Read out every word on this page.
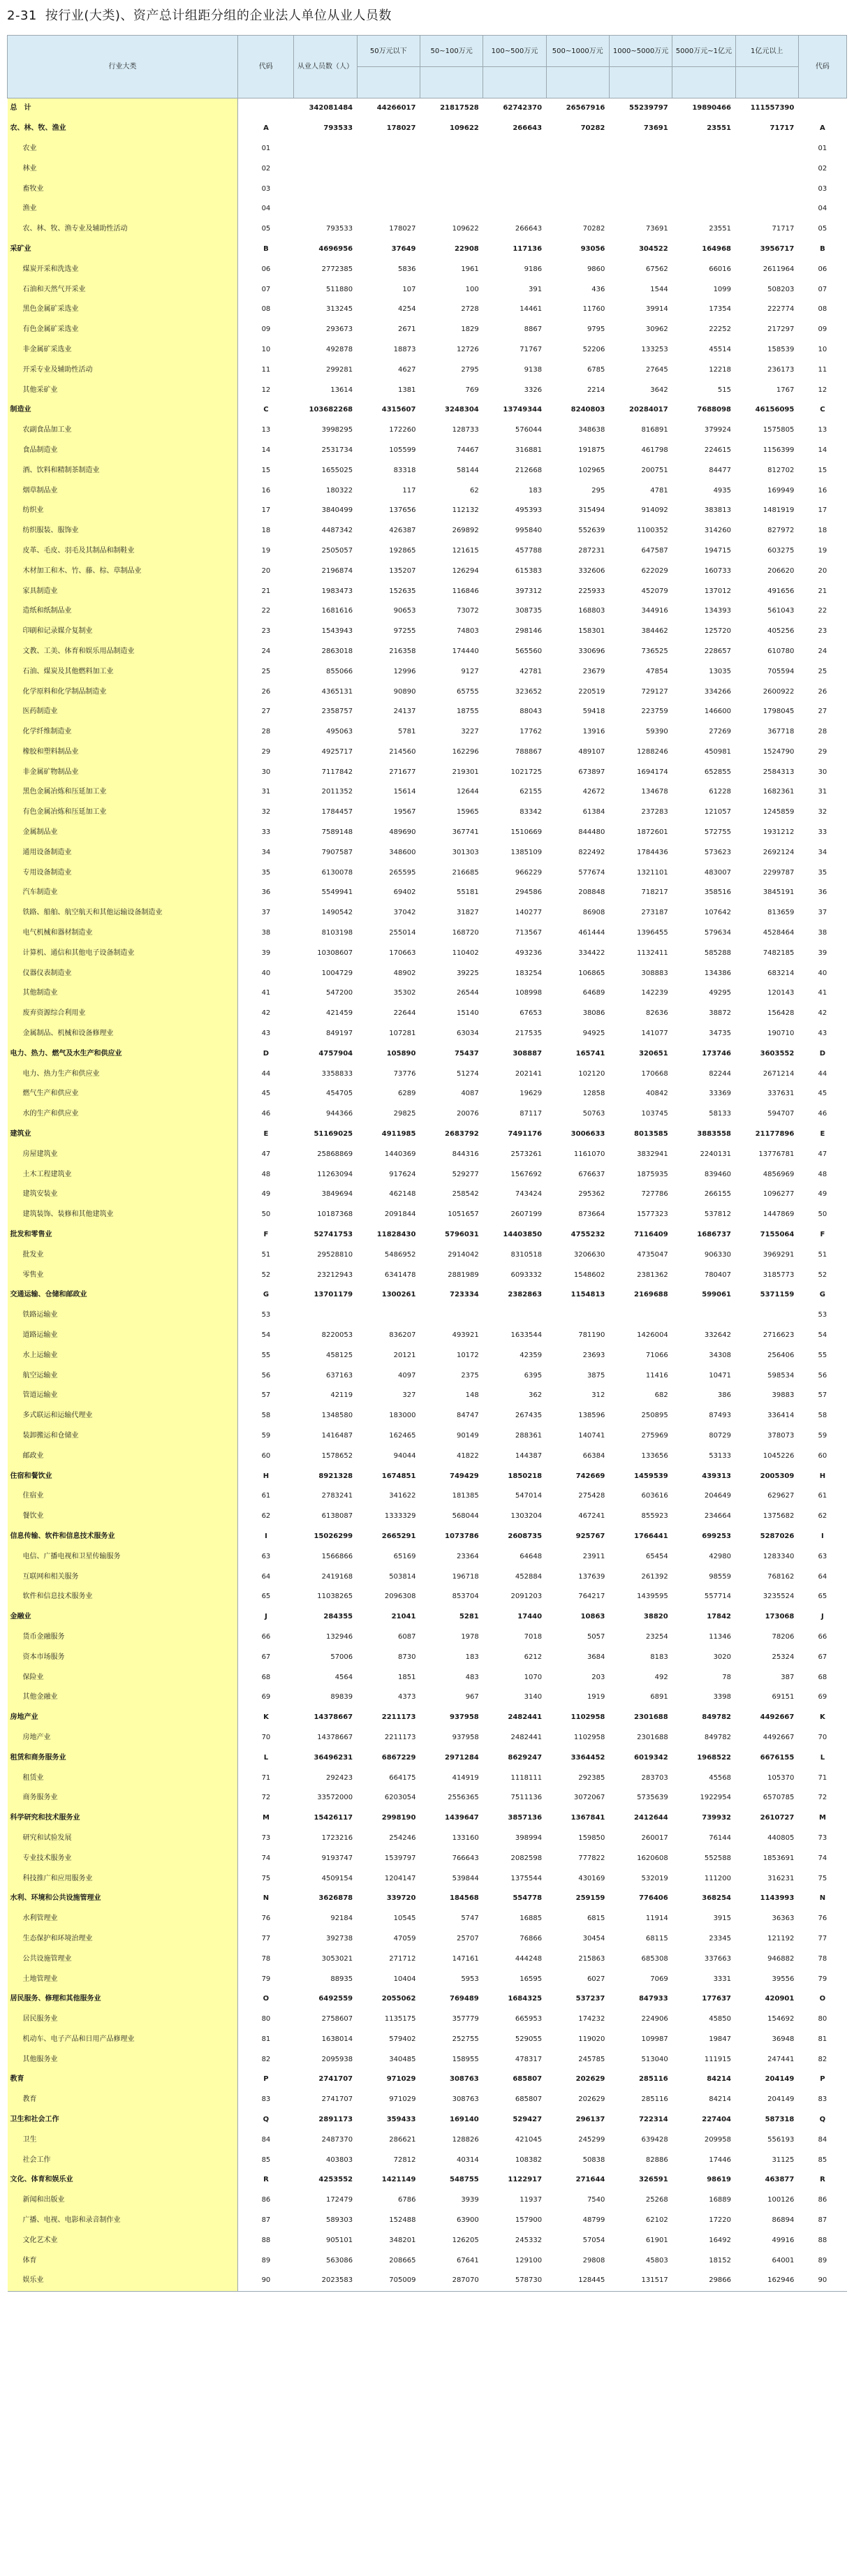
2-31 按行业(大类)、资产总计组距分组的企业法人单位从业人员数
行业大类	代码	从业人员数（人）	50万元以下	50~100万元	100~500万元	500~1000万元	1000~5000万元	5000万元~1亿元	1亿元以上	代码

总　计		342081484	44266017	21817528	62742370	26567916	55239797	19890466	111557390	
农、林、牧、渔业	A	793533	178027	109622	266643	70282	73691	23551	71717	A
农业	01									01
林业	02									02
畜牧业	03									03
渔业	04									04
农、林、牧、渔专业及辅助性活动	05	793533	178027	109622	266643	70282	73691	23551	71717	05
采矿业	B	4696956	37649	22908	117136	93056	304522	164968	3956717	B
煤炭开采和洗选业	06	2772385	5836	1961	9186	9860	67562	66016	2611964	06
石油和天然气开采业	07	511880	107	100	391	436	1544	1099	508203	07
黑色金属矿采选业	08	313245	4254	2728	14461	11760	39914	17354	222774	08
有色金属矿采选业	09	293673	2671	1829	8867	9795	30962	22252	217297	09
非金属矿采选业	10	492878	18873	12726	71767	52206	133253	45514	158539	10
开采专业及辅助性活动	11	299281	4627	2795	9138	6785	27645	12218	236173	11
其他采矿业	12	13614	1381	769	3326	2214	3642	515	1767	12
制造业	C	103682268	4315607	3248304	13749344	8240803	20284017	7688098	46156095	C
农副食品加工业	13	3998295	172260	128733	576044	348638	816891	379924	1575805	13
食品制造业	14	2531734	105599	74467	316881	191875	461798	224615	1156399	14
酒、饮料和精制茶制造业	15	1655025	83318	58144	212668	102965	200751	84477	812702	15
烟草制品业	16	180322	117	62	183	295	4781	4935	169949	16
纺织业	17	3840499	137656	112132	495393	315494	914092	383813	1481919	17
纺织服装、服饰业	18	4487342	426387	269892	995840	552639	1100352	314260	827972	18
皮革、毛皮、羽毛及其制品和制鞋业	19	2505057	192865	121615	457788	287231	647587	194715	603275	19
木材加工和木、竹、藤、棕、草制品业	20	2196874	135207	126294	615383	332606	622029	160733	206620	20
家具制造业	21	1983473	152635	116846	397312	225933	452079	137012	491656	21
造纸和纸制品业	22	1681616	90653	73072	308735	168803	344916	134393	561043	22
印刷和记录媒介复制业	23	1543943	97255	74803	298146	158301	384462	125720	405256	23
文教、工美、体育和娱乐用品制造业	24	2863018	216358	174440	565560	330696	736525	228657	610780	24
石油、煤炭及其他燃料加工业	25	855066	12996	9127	42781	23679	47854	13035	705594	25
化学原料和化学制品制造业	26	4365131	90890	65755	323652	220519	729127	334266	2600922	26
医药制造业	27	2358757	24137	18755	88043	59418	223759	146600	1798045	27
化学纤维制造业	28	495063	5781	3227	17762	13916	59390	27269	367718	28
橡胶和塑料制品业	29	4925717	214560	162296	788867	489107	1288246	450981	1524790	29
非金属矿物制品业	30	7117842	271677	219301	1021725	673897	1694174	652855	2584313	30
黑色金属冶炼和压延加工业	31	2011352	15614	12644	62155	42672	134678	61228	1682361	31
有色金属冶炼和压延加工业	32	1784457	19567	15965	83342	61384	237283	121057	1245859	32
金属制品业	33	7589148	489690	367741	1510669	844480	1872601	572755	1931212	33
通用设备制造业	34	7907587	348600	301303	1385109	822492	1784436	573623	2692124	34
专用设备制造业	35	6130078	265595	216685	966229	577674	1321101	483007	2299787	35
汽车制造业	36	5549941	69402	55181	294586	208848	718217	358516	3845191	36
铁路、船舶、航空航天和其他运输设备制造业	37	1490542	37042	31827	140277	86908	273187	107642	813659	37
电气机械和器材制造业	38	8103198	255014	168720	713567	461444	1396455	579634	4528464	38
计算机、通信和其他电子设备制造业	39	10308607	170663	110402	493236	334422	1132411	585288	7482185	39
仪器仪表制造业	40	1004729	48902	39225	183254	106865	308883	134386	683214	40
其他制造业	41	547200	35302	26544	108998	64689	142239	49295	120143	41
废弃资源综合利用业	42	421459	22644	15140	67653	38086	82636	38872	156428	42
金属制品、机械和设备修理业	43	849197	107281	63034	217535	94925	141077	34735	190710	43
电力、热力、燃气及水生产和供应业	D	4757904	105890	75437	308887	165741	320651	173746	3603552	D
电力、热力生产和供应业	44	3358833	73776	51274	202141	102120	170668	82244	2671214	44
燃气生产和供应业	45	454705	6289	4087	19629	12858	40842	33369	337631	45
水的生产和供应业	46	944366	29825	20076	87117	50763	103745	58133	594707	46
建筑业	E	51169025	4911985	2683792	7491176	3006633	8013585	3883558	21177896	E
房屋建筑业	47	25868869	1440369	844316	2573261	1161070	3832941	2240131	13776781	47
土木工程建筑业	48	11263094	917624	529277	1567692	676637	1875935	839460	4856969	48
建筑安装业	49	3849694	462148	258542	743424	295362	727786	266155	1096277	49
建筑装饰、装修和其他建筑业	50	10187368	2091844	1051657	2607199	873664	1577323	537812	1447869	50
批发和零售业	F	52741753	11828430	5796031	14403850	4755232	7116409	1686737	7155064	F
批发业	51	29528810	5486952	2914042	8310518	3206630	4735047	906330	3969291	51
零售业	52	23212943	6341478	2881989	6093332	1548602	2381362	780407	3185773	52
交通运输、仓储和邮政业	G	13701179	1300261	723334	2382863	1154813	2169688	599061	5371159	G
铁路运输业	53									53
道路运输业	54	8220053	836207	493921	1633544	781190	1426004	332642	2716623	54
水上运输业	55	458125	20121	10172	42359	23693	71066	34308	256406	55
航空运输业	56	637163	4097	2375	6395	3875	11416	10471	598534	56
管道运输业	57	42119	327	148	362	312	682	386	39883	57
多式联运和运输代理业	58	1348580	183000	84747	267435	138596	250895	87493	336414	58
装卸搬运和仓储业	59	1416487	162465	90149	288361	140741	275969	80729	378073	59
邮政业	60	1578652	94044	41822	144387	66384	133656	53133	1045226	60
住宿和餐饮业	H	8921328	1674851	749429	1850218	742669	1459539	439313	2005309	H
住宿业	61	2783241	341622	181385	547014	275428	603616	204649	629627	61
餐饮业	62	6138087	1333329	568044	1303204	467241	855923	234664	1375682	62
信息传输、软件和信息技术服务业	I	15026299	2665291	1073786	2608735	925767	1766441	699253	5287026	I
电信、广播电视和卫星传输服务	63	1566866	65169	23364	64648	23911	65454	42980	1283340	63
互联网和相关服务	64	2419168	503814	196718	452884	137639	261392	98559	768162	64
软件和信息技术服务业	65	11038265	2096308	853704	2091203	764217	1439595	557714	3235524	65
金融业	J	284355	21041	5281	17440	10863	38820	17842	173068	J
货币金融服务	66	132946	6087	1978	7018	5057	23254	11346	78206	66
资本市场服务	67	57006	8730	183	6212	3684	8183	3020	25324	67
保险业	68	4564	1851	483	1070	203	492	78	387	68
其他金融业	69	89839	4373	967	3140	1919	6891	3398	69151	69
房地产业	K	14378667	2211173	937958	2482441	1102958	2301688	849782	4492667	K
房地产业	70	14378667	2211173	937958	2482441	1102958	2301688	849782	4492667	70
租赁和商务服务业	L	36496231	6867229	2971284	8629247	3364452	6019342	1968522	6676155	L
租赁业	71	292423	664175	414919	1118111	292385	283703	45568	105370	71
商务服务业	72	33572000	6203054	2556365	7511136	3072067	5735639	1922954	6570785	72
科学研究和技术服务业	M	15426117	2998190	1439647	3857136	1367841	2412644	739932	2610727	M
研究和试验发展	73	1723216	254246	133160	398994	159850	260017	76144	440805	73
专业技术服务业	74	9193747	1539797	766643	2082598	777822	1620608	552588	1853691	74
科技推广和应用服务业	75	4509154	1204147	539844	1375544	430169	532019	111200	316231	75
水利、环境和公共设施管理业	N	3626878	339720	184568	554778	259159	776406	368254	1143993	N
水利管理业	76	92184	10545	5747	16885	6815	11914	3915	36363	76
生态保护和环境治理业	77	392738	47059	25707	76866	30454	68115	23345	121192	77
公共设施管理业	78	3053021	271712	147161	444248	215863	685308	337663	946882	78
土地管理业	79	88935	10404	5953	16595	6027	7069	3331	39556	79
居民服务、修理和其他服务业	O	6492559	2055062	769489	1684325	537237	847933	177637	420901	O
居民服务业	80	2758607	1135175	357779	665953	174232	224906	45850	154692	80
机动车、电子产品和日用产品修理业	81	1638014	579402	252755	529055	119020	109987	19847	36948	81
其他服务业	82	2095938	340485	158955	478317	245785	513040	111915	247441	82
教育	P	2741707	971029	308763	685807	202629	285116	84214	204149	P
教育	83	2741707	971029	308763	685807	202629	285116	84214	204149	83
卫生和社会工作	Q	2891173	359433	169140	529427	296137	722314	227404	587318	Q
卫生	84	2487370	286621	128826	421045	245299	639428	209958	556193	84
社会工作	85	403803	72812	40314	108382	50838	82886	17446	31125	85
文化、体育和娱乐业	R	4253552	1421149	548755	1122917	271644	326591	98619	463877	R
新闻和出版业	86	172479	6786	3939	11937	7540	25268	16889	100126	86
广播、电视、电影和录音制作业	87	589303	152488	63900	157900	48799	62102	17220	86894	87
文化艺术业	88	905101	348201	126205	245332	57054	61901	16492	49916	88
体育	89	563086	208665	67641	129100	29808	45803	18152	64001	89
娱乐业	90	2023583	705009	287070	578730	128445	131517	29866	162946	90
